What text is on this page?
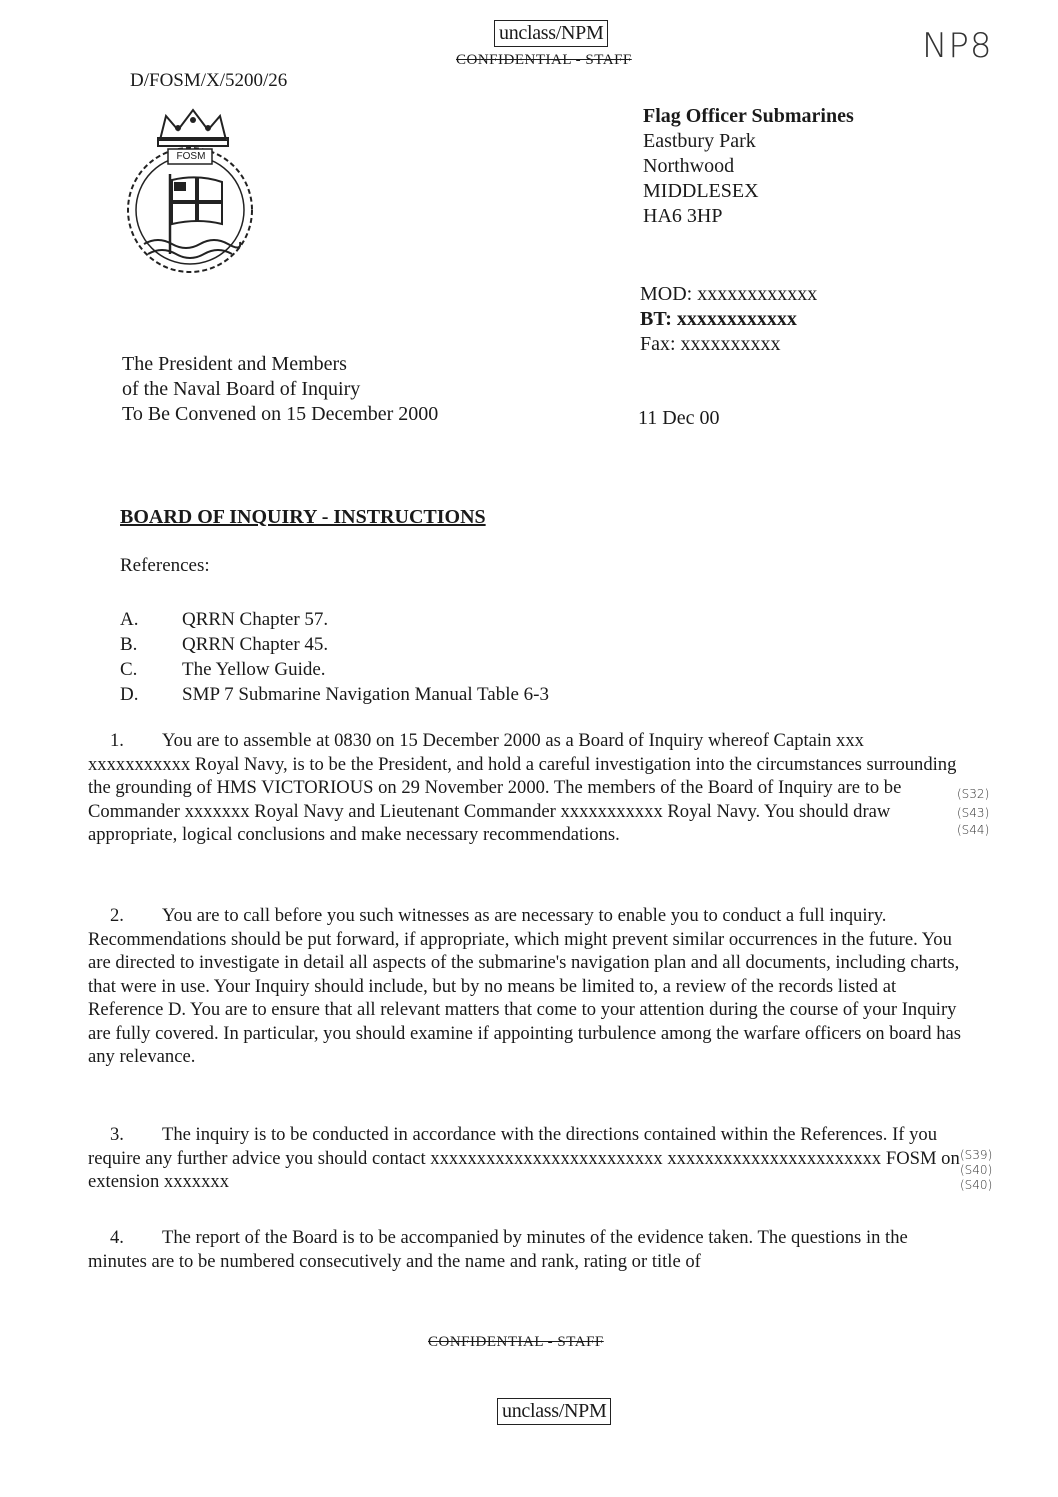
unclass/NPM
CONFIDENTIAL - STAFF	NP8
D/FOSM/X/5200/26
FOSM
Flag Officer Submarines
Eastbury Park
Northwood
MIDDLESEX
HA6 3HP
MOD: xxxxxxxxxxxx
BT: xxxxxxxxxxxx
Fax: xxxxxxxxxx
The President and Members
of the Naval Board of Inquiry
To Be Convened on 15 December 2000	11 Dec 00
BOARD OF INQUIRY - INSTRUCTIONS
References:
A. QRRN Chapter 57.
B. QRRN Chapter 45.
C. The Yellow Guide.
D. SMP 7 Submarine Navigation Manual Table 6-3
1. You are to assemble at 0830 on 15 December 2000 as a Board of Inquiry whereof Captain xxx xxxxxxxxxxx Royal Navy, is to be the President, and hold a careful investigation into the circumstances surrounding the grounding of HMS VICTORIOUS on 29 November 2000. The members of the Board of Inquiry are to be Commander xxxxxxx Royal Navy and Lieutenant Commander xxxxxxxxxxx Royal Navy. You should draw appropriate, logical conclusions and make necessary recommendations.
(S32)
(S43)
(S44)
2. You are to call before you such witnesses as are necessary to enable you to conduct a full inquiry. Recommendations should be put forward, if appropriate, which might prevent similar occurrences in the future. You are directed to investigate in detail all aspects of the submarine's navigation plan and all documents, including charts, that were in use. Your Inquiry should include, but by no means be limited to, a review of the records listed at Reference D. You are to ensure that all relevant matters that come to your attention during the course of your Inquiry are fully covered. In particular, you should examine if appointing turbulence among the warfare officers on board has any relevance.
3. The inquiry is to be conducted in accordance with the directions contained within the References. If you require any further advice you should contact xxxxxxxxxxxxxxxxxxxxxxxxx xxxxxxxxxxxxxxxxxxxxxxx FOSM on extension xxxxxxx
(S39)
(S40)
(S40)
4. The report of the Board is to be accompanied by minutes of the evidence taken. The questions in the minutes are to be numbered consecutively and the name and rank, rating or title of
CONFIDENTIAL - STAFF
unclass/NPM
